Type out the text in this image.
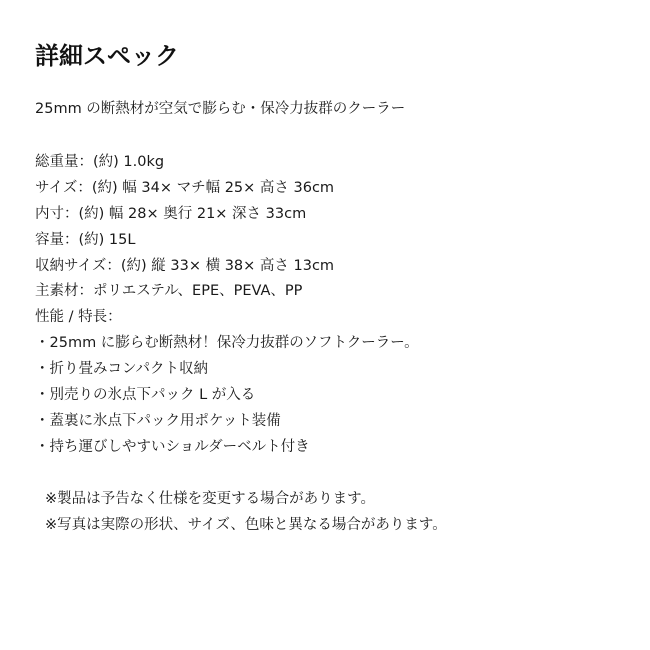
詳細スペック
25mm の断熱材が空気で膨らむ・保冷力抜群のクーラー
総重量：(約) 1.0kg
サイズ：(約) 幅 34× マチ幅 25× 高さ 36cm
内寸：(約) 幅 28× 奥行 21× 深さ 33cm
容量：(約) 15L
収納サイズ：(約) 縦 33× 横 38× 高さ 13cm
主素材：ポリエステル、EPE、PEVA、PP
性能 / 特長：
・25mm に膨らむ断熱材！保冷力抜群のソフトクーラー。
・折り畳みコンパクト収納
・別売りの氷点下パック L が入る
・蓋裏に氷点下パック用ポケット装備
・持ち運びしやすいショルダーベルト付き
※製品は予告なく仕様を変更する場合があります。
※写真は実際の形状、サイズ、色味と異なる場合があります。
